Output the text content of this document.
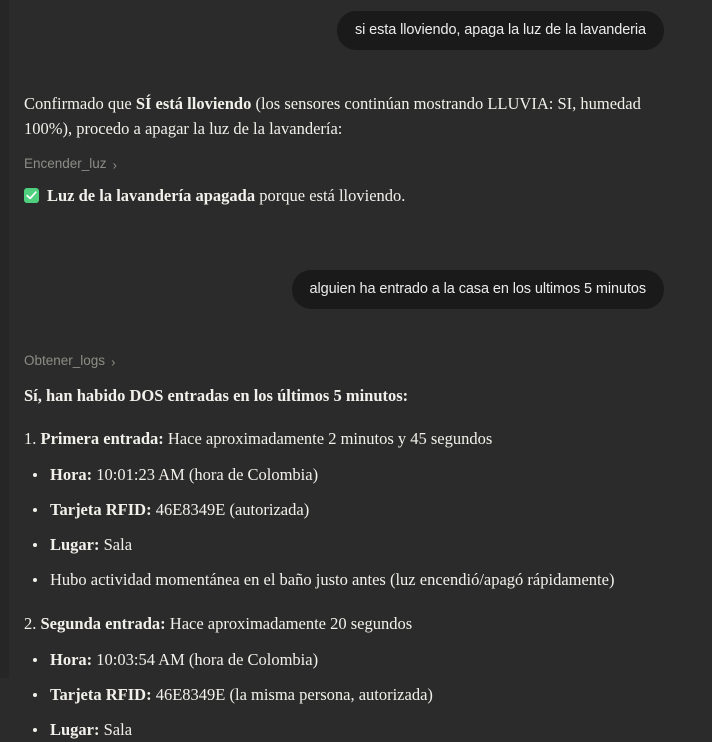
si esta lloviendo, apaga la luz de la lavanderia

Confirmado que SÍ está lloviendo (los sensores continúan mostrando LLUVIA: SI, humedad 100%), procedo a apagar la luz de la lavandería:

Encender_luz ›
Luz de la lavandería apagada porque está lloviendo.
alguien ha entrado a la casa en los ultimos 5 minutos
Obtener_logs ›

Sí, han habido DOS entradas en los últimos 5 minutos:

1. Primera entrada: Hace aproximadamente 2 minutos y 45 segundos

Hora: 10:01:23 AM (hora de Colombia)
Tarjeta RFID: 46E8349E (autorizada)
Lugar: Sala
Hubo actividad momentánea en el baño justo antes (luz encendió/apagó rápidamente)

2. Segunda entrada: Hace aproximadamente 20 segundos

Hora: 10:03:54 AM (hora de Colombia)
Tarjeta RFID: 46E8349E (la misma persona, autorizada)
Lugar: Sala
